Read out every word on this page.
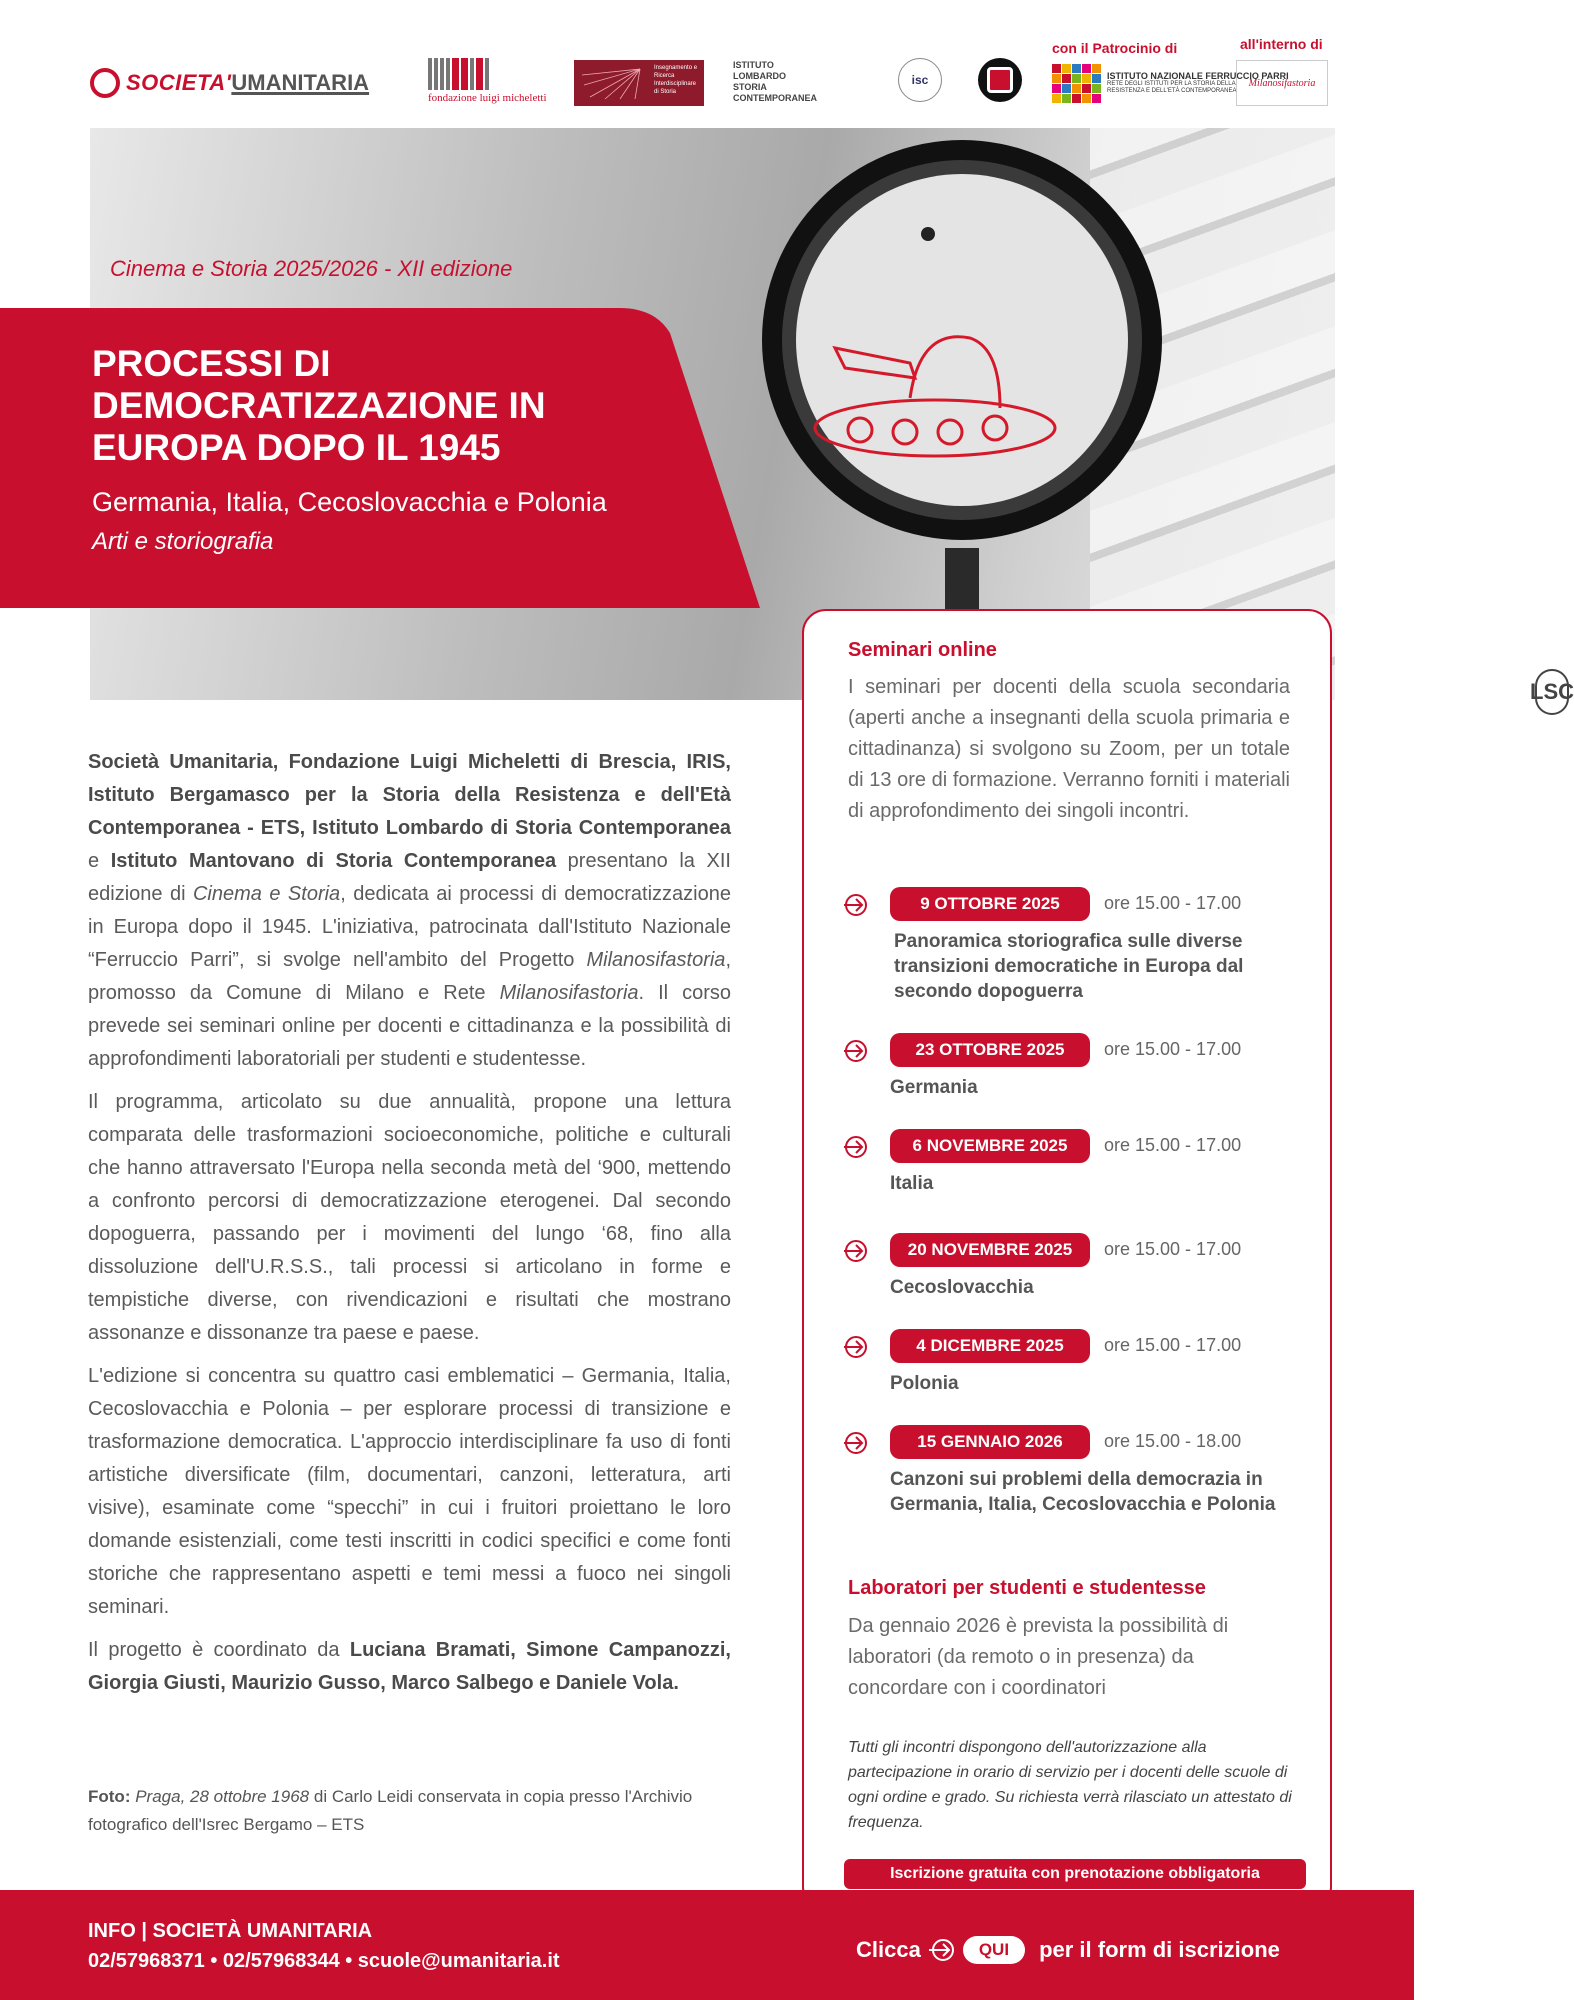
SOCIETA' UMANITARIA
fondazione luigi micheletti
Insegnamento e Ricerca Interdisciplinare di Storia
LSC
ISTITUTO
LOMBARDO
STORIA
CONTEMPORANEA
isc
con il Patrocinio di
ISTITUTO NAZIONALE FERRUCCIO PARRI
RETE DEGLI ISTITUTI PER LA STORIA DELLA RESISTENZA E DELL'ETÀ CONTEMPORANEA
all'interno di
Milanosifastoria
Cinema e Storia 2025/2026 - XII edizione
PROCESSI DI DEMOCRATIZZAZIONE IN EUROPA DOPO IL 1945
Germania, Italia, Cecoslovacchia e Polonia
Arti e storiografia

Società Umanitaria, Fondazione Luigi Micheletti di Brescia, IRIS, Istituto Bergamasco per la Storia della Resistenza e dell'Età Contemporanea - ETS, Istituto Lombardo di Storia Contemporanea e Istituto Mantovano di Storia Contemporanea presentano la XII edizione di Cinema e Storia, dedicata ai processi di democratizzazione in Europa dopo il 1945. L'iniziativa, patrocinata dall'Istituto Nazionale “Ferruccio Parri”, si svolge nell'ambito del Progetto Milanosifastoria, promosso da Comune di Milano e Rete Milanosifastoria. Il corso prevede sei seminari online per docenti e cittadinanza e la possibilità di approfondimenti laboratoriali per studenti e studentesse.

Il programma, articolato su due annualità, propone una lettura comparata delle trasformazioni socioeconomiche, politiche e culturali che hanno attraversato l'Europa nella seconda metà del ‘900, mettendo a confronto percorsi di democratizzazione eterogenei. Dal secondo dopoguerra, passando per i movimenti del lungo ‘68, fino alla dissoluzione dell'U.R.S.S., tali processi si articolano in forme e tempistiche diverse, con rivendicazioni e risultati che mostrano assonanze e dissonanze tra paese e paese.

L'edizione si concentra su quattro casi emblematici – Germania, Italia, Cecoslovacchia e Polonia – per esplorare processi di transizione e trasformazione democratica. L'approccio interdisciplinare fa uso di fonti artistiche diversificate (film, documentari, canzoni, letteratura, arti visive), esaminate come “specchi” in cui i fruitori proiettano le loro domande esistenziali, come testi inscritti in codici specifici e come fonti storiche che rappresentano aspetti e temi messi a fuoco nei singoli seminari.

Il progetto è coordinato da Luciana Bramati, Simone Campanozzi, Giorgia Giusti, Maurizio Gusso, Marco Salbego e Daniele Vola.

Foto: Praga, 28 ottobre 1968 di Carlo Leidi conservata in copia presso l'Archivio fotografico dell'Isrec Bergamo – ETS
Seminari online
I seminari per docenti della scuola secondaria (aperti anche a insegnanti della scuola primaria e cittadinanza) si svolgono su Zoom, per un totale di 13 ore di formazione. Verranno forniti i materiali di approfondimento dei singoli incontri.
9 OTTOBRE 2025	ore 15.00 - 17.00
Panoramica storiografica sulle diverse transizioni democratiche in Europa dal secondo dopoguerra
23 OTTOBRE 2025	ore 15.00 - 17.00
Germania
6 NOVEMBRE 2025	ore 15.00 - 17.00
Italia
20 NOVEMBRE 2025	ore 15.00 - 17.00
Cecoslovacchia
4 DICEMBRE 2025	ore 15.00 - 17.00
Polonia
15 GENNAIO 2026	ore 15.00 - 18.00
Canzoni sui problemi della democrazia in Germania, Italia, Cecoslovacchia e Polonia
Laboratori per studenti e studentesse
Da gennaio 2026 è prevista la possibilità di laboratori (da remoto o in presenza) da concordare con i coordinatori
Tutti gli incontri dispongono dell'autorizzazione alla partecipazione in orario di servizio per i docenti delle scuole di ogni ordine e grado. Su richiesta verrà rilasciato un attestato di frequenza.
Iscrizione gratuita con prenotazione obbligatoria
INFO | SOCIETÀ UMANITARIA
02/57968371 • 02/57968344 • scuole@umanitaria.it	Clicca	QUI	per il form di iscrizione
